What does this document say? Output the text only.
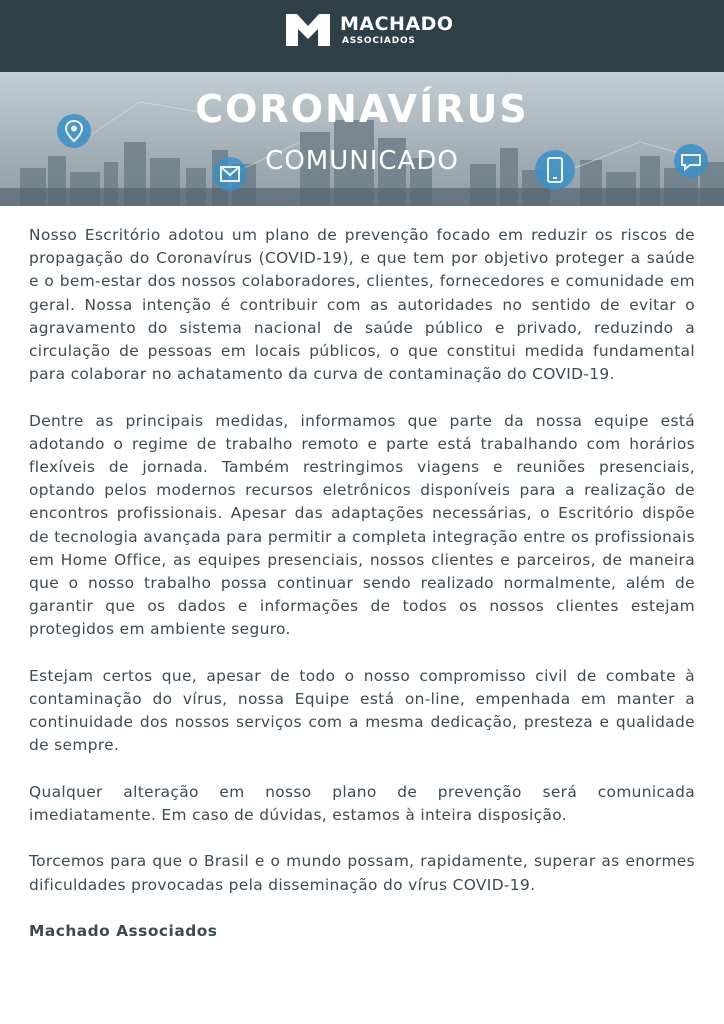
MACHADO
ASSOCIADOS
CORONAVÍRUS
COMUNICADO

Nosso Escritório adotou um plano de prevenção focado em reduzir os riscos de propagação do Coronavírus (COVID-19), e que tem por objetivo proteger a saúde e o bem-estar dos nossos colaboradores, clientes, fornecedores e comunidade em geral. Nossa intenção é contribuir com as autoridades no sentido de evitar o agravamento do sistema nacional de saúde público e privado, reduzindo a circulação de pessoas em locais públicos, o que constitui medida fundamental para colaborar no achatamento da curva de contaminação do COVID-19.

Dentre as principais medidas, informamos que parte da nossa equipe está adotando o regime de trabalho remoto e parte está trabalhando com horários flexíveis de jornada. Também restringimos viagens e reuniões presenciais, optando pelos modernos recursos eletrônicos disponíveis para a realização de encontros profissionais. Apesar das adaptações necessárias, o Escritório dispõe de tecnologia avançada para permitir a completa integração entre os profissionais em Home Office, as equipes presenciais, nossos clientes e parceiros, de maneira que o nosso trabalho possa continuar sendo realizado normalmente, além de garantir que os dados e informações de todos os nossos clientes estejam protegidos em ambiente seguro.

Estejam certos que, apesar de todo o nosso compromisso civil de combate à contaminação do vírus, nossa Equipe está on-line, empenhada em manter a continuidade dos nossos serviços com a mesma dedicação, presteza e qualidade de sempre.

Qualquer alteração em nosso plano de prevenção será comunicada imediatamente. Em caso de dúvidas, estamos à inteira disposição.

Torcemos para que o Brasil e o mundo possam, rapidamente, superar as enormes dificuldades provocadas pela disseminação do vírus COVID-19.

Machado Associados
